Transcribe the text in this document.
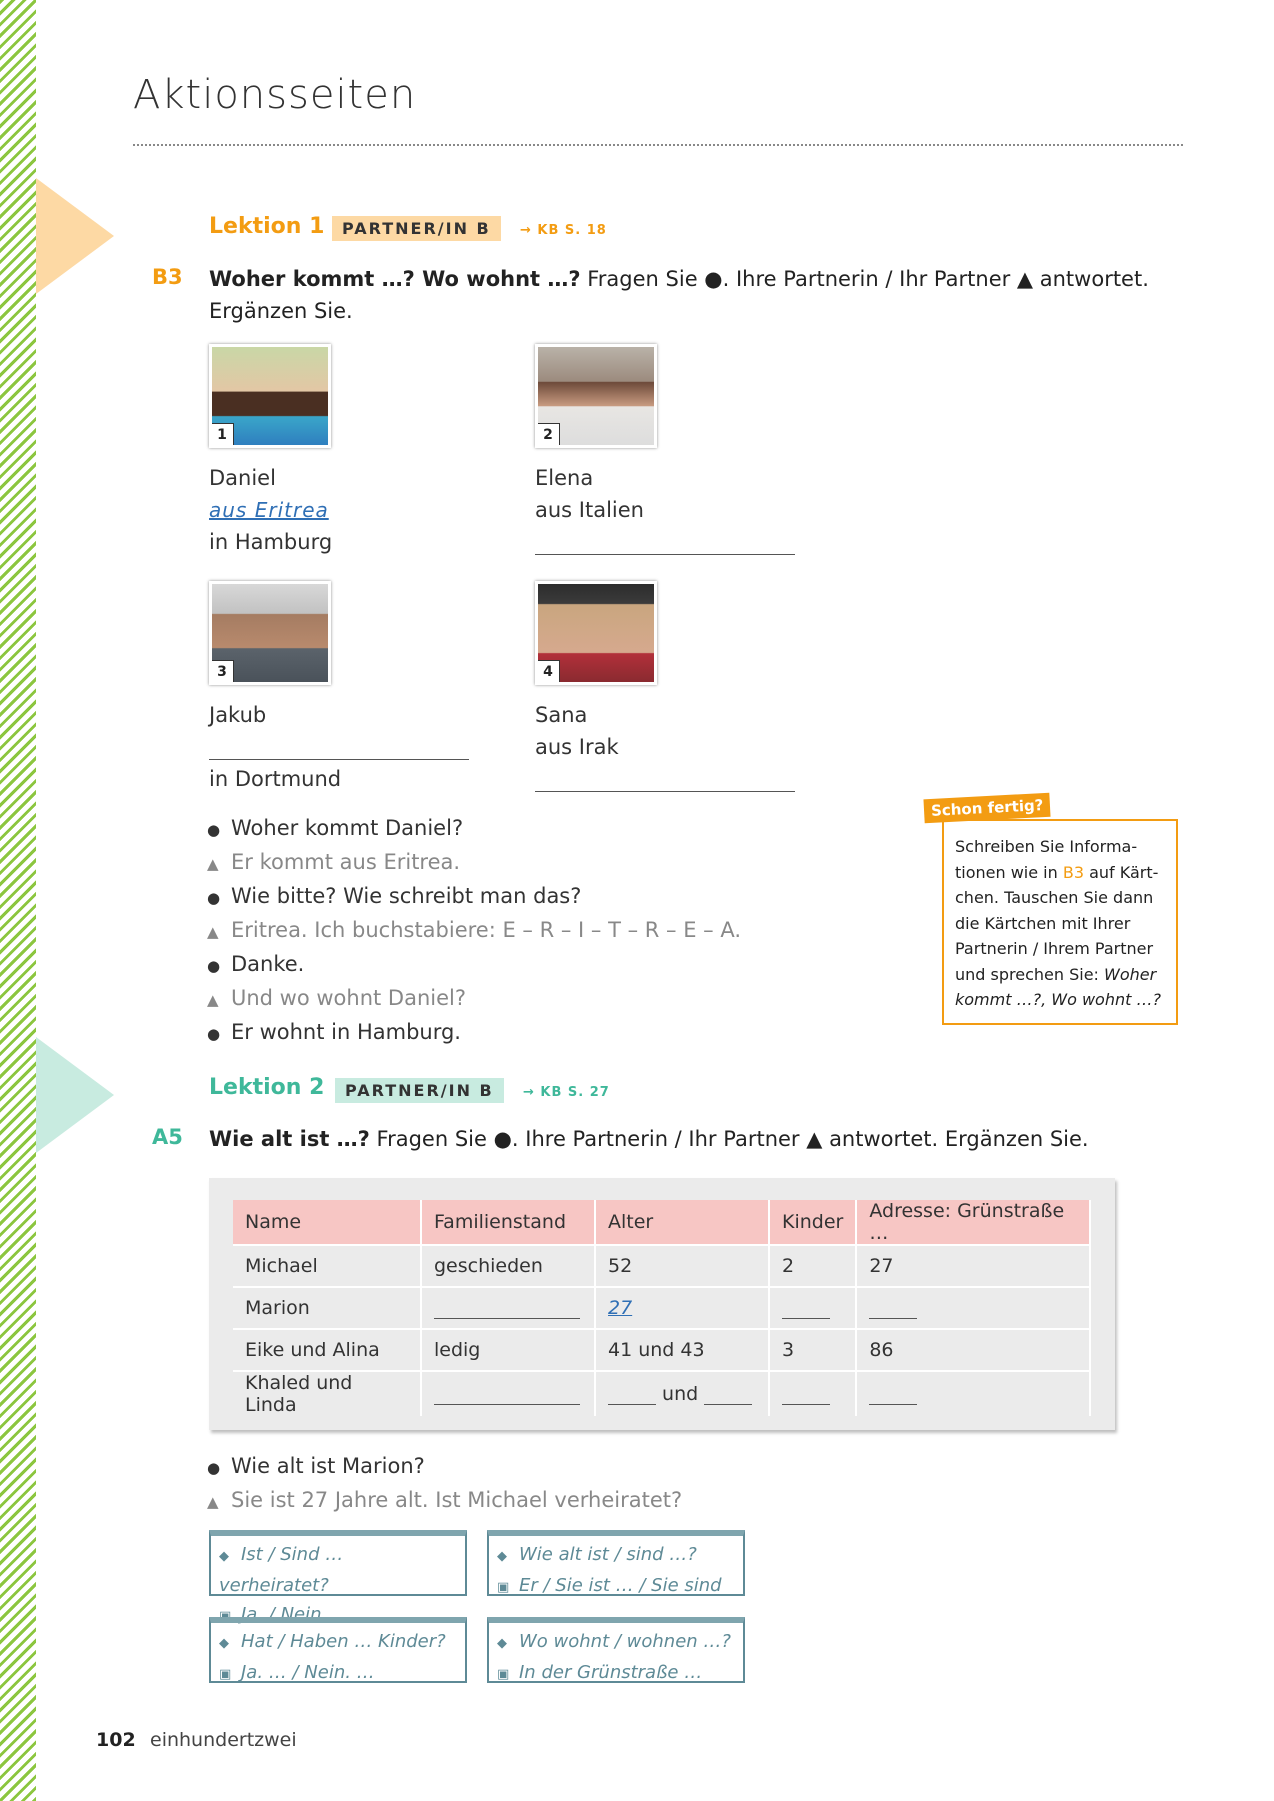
Aktionsseiten
Lektion 1	PARTNER/IN B	→ KB S. 18
B3 Woher kommt …? Wo wohnt …? Fragen Sie ●. Ihre Partnerin / Ihr Partner ▲ antwortet.
Ergänzen Sie.
1	2
3	4
Daniel
aus Eritrea
in Hamburg
Elena
aus Italien
Jakub
in Dortmund
Sana
aus Irak
● Woher kommt Daniel?
▲ Er kommt aus Eritrea.
● Wie bitte? Wie schreibt man das?
▲ Eritrea. Ich buchstabiere: E – R – I – T – R – E – A.
● Danke.
▲ Und wo wohnt Daniel?
● Er wohnt in Hamburg.
Schon fertig?
Schreiben Sie Informa-tionen wie in B3 auf Kärt-chen. Tauschen Sie dann die Kärtchen mit Ihrer Partnerin / Ihrem Partner und sprechen Sie: Woher kommt …?, Wo wohnt …?
Lektion 2	PARTNER/IN B	→ KB S. 27
A5 Wie alt ist …? Fragen Sie ●. Ihre Partnerin / Ihr Partner ▲ antwortet. Ergänzen Sie.
Name	Familienstand	Alter	Kinder	Adresse: Grünstraße …
Michael	geschieden	52	2	27
Marion		27		
Eike und Alina	ledig	41 und 43	3	86
Khaled und Linda		und		
● Wie alt ist Marion?
▲ Sie ist 27 Jahre alt. Ist Michael verheiratet?
◆ Ist / Sind … verheiratet?
▣ Ja. / Nein. …
◆ Wie alt ist / sind …?
▣ Er / Sie ist … / Sie sind …
◆ Hat / Haben … Kinder?
▣ Ja. … / Nein. …
◆ Wo wohnt / wohnen …?
▣ In der Grünstraße …
102 einhundertzwei
